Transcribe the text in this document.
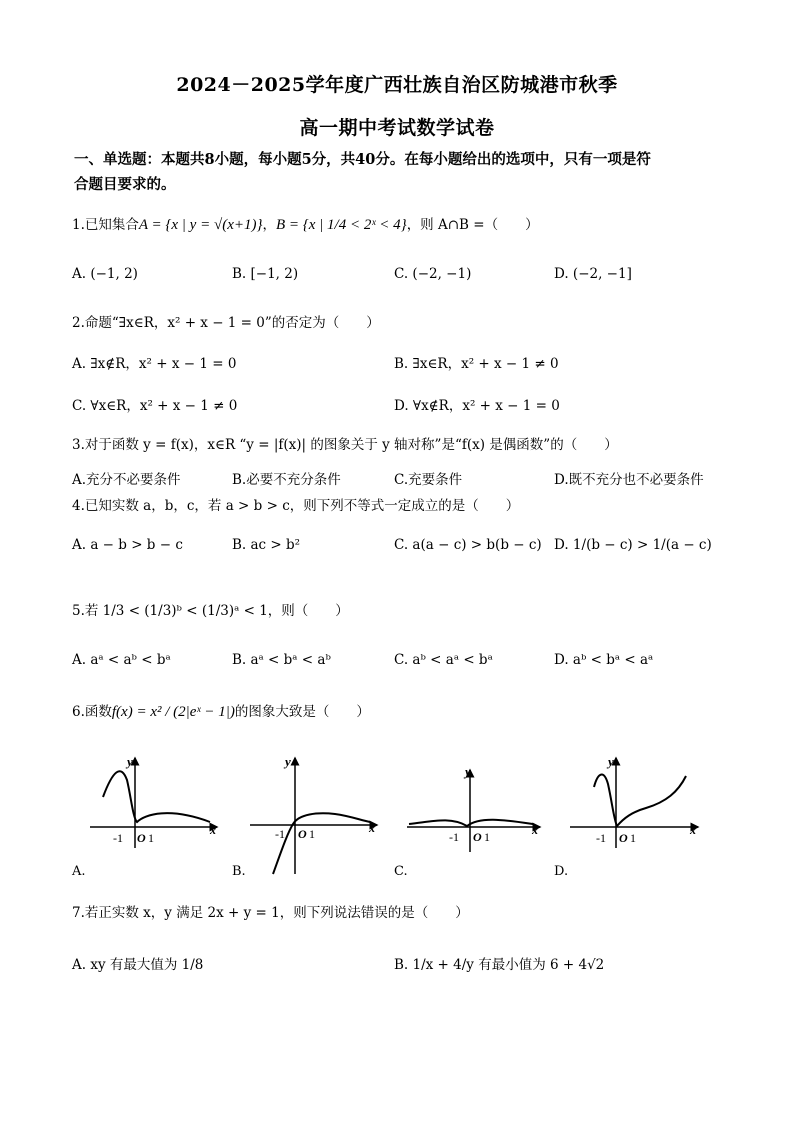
2024－2025学年度广西壮族自治区防城港市秋季
高一期中考试数学试卷
一、单选题：本题共8小题，每小题5分，共40分。在每小题给出的选项中，只有一项是符
合题目要求的。
1.已知集合A = {x | y = √(x+1)}，B = {x | 1/4 < 2ˣ < 4}，则 A∩B =（　　）
A. (−1, 2)	B. [−1, 2)	C. (−2, −1)	D. (−2, −1]
2.命题“∃x∈R，x² + x − 1 = 0”的否定为（　　）
A. ∃x∉R，x² + x − 1 = 0	B. ∃x∈R，x² + x − 1 ≠ 0
C. ∀x∈R，x² + x − 1 ≠ 0	D. ∀x∉R，x² + x − 1 = 0
3.对于函数 y = f(x)，x∈R “y = |f(x)| 的图象关于 y 轴对称”是“f(x) 是偶函数”的（　　）
A.充分不必要条件	B.必要不充分条件	C.充要条件	D.既不充分也不必要条件
4.已知实数 a，b，c，若 a > b > c，则下列不等式一定成立的是（　　）
A. a − b > b − c	B. ac > b²	C. a(a − c) > b(b − c) D. 1/(b − c) > 1/(a − c)
5.若 1/3 < (1/3)ᵇ < (1/3)ᵃ < 1，则（　　）
A. aᵃ < aᵇ < bᵃ	B. aᵃ < bᵃ < aᵇ	C. aᵇ < aᵃ < bᵃ	D. aᵇ < bᵃ < aᵃ
6.函数f(x) = x² / (2|eˣ − 1|)的图象大致是（　　）
y
x
-1 O 1
A.
y
x
-1 O 1
B.
y
x
-1 O 1
C.
y
x
-1 O 1
D.
7.若正实数 x，y 满足 2x + y = 1，则下列说法错误的是（　　）
A. xy 有最大值为 1/8	B. 1/x + 4/y 有最小值为 6 + 4√2
